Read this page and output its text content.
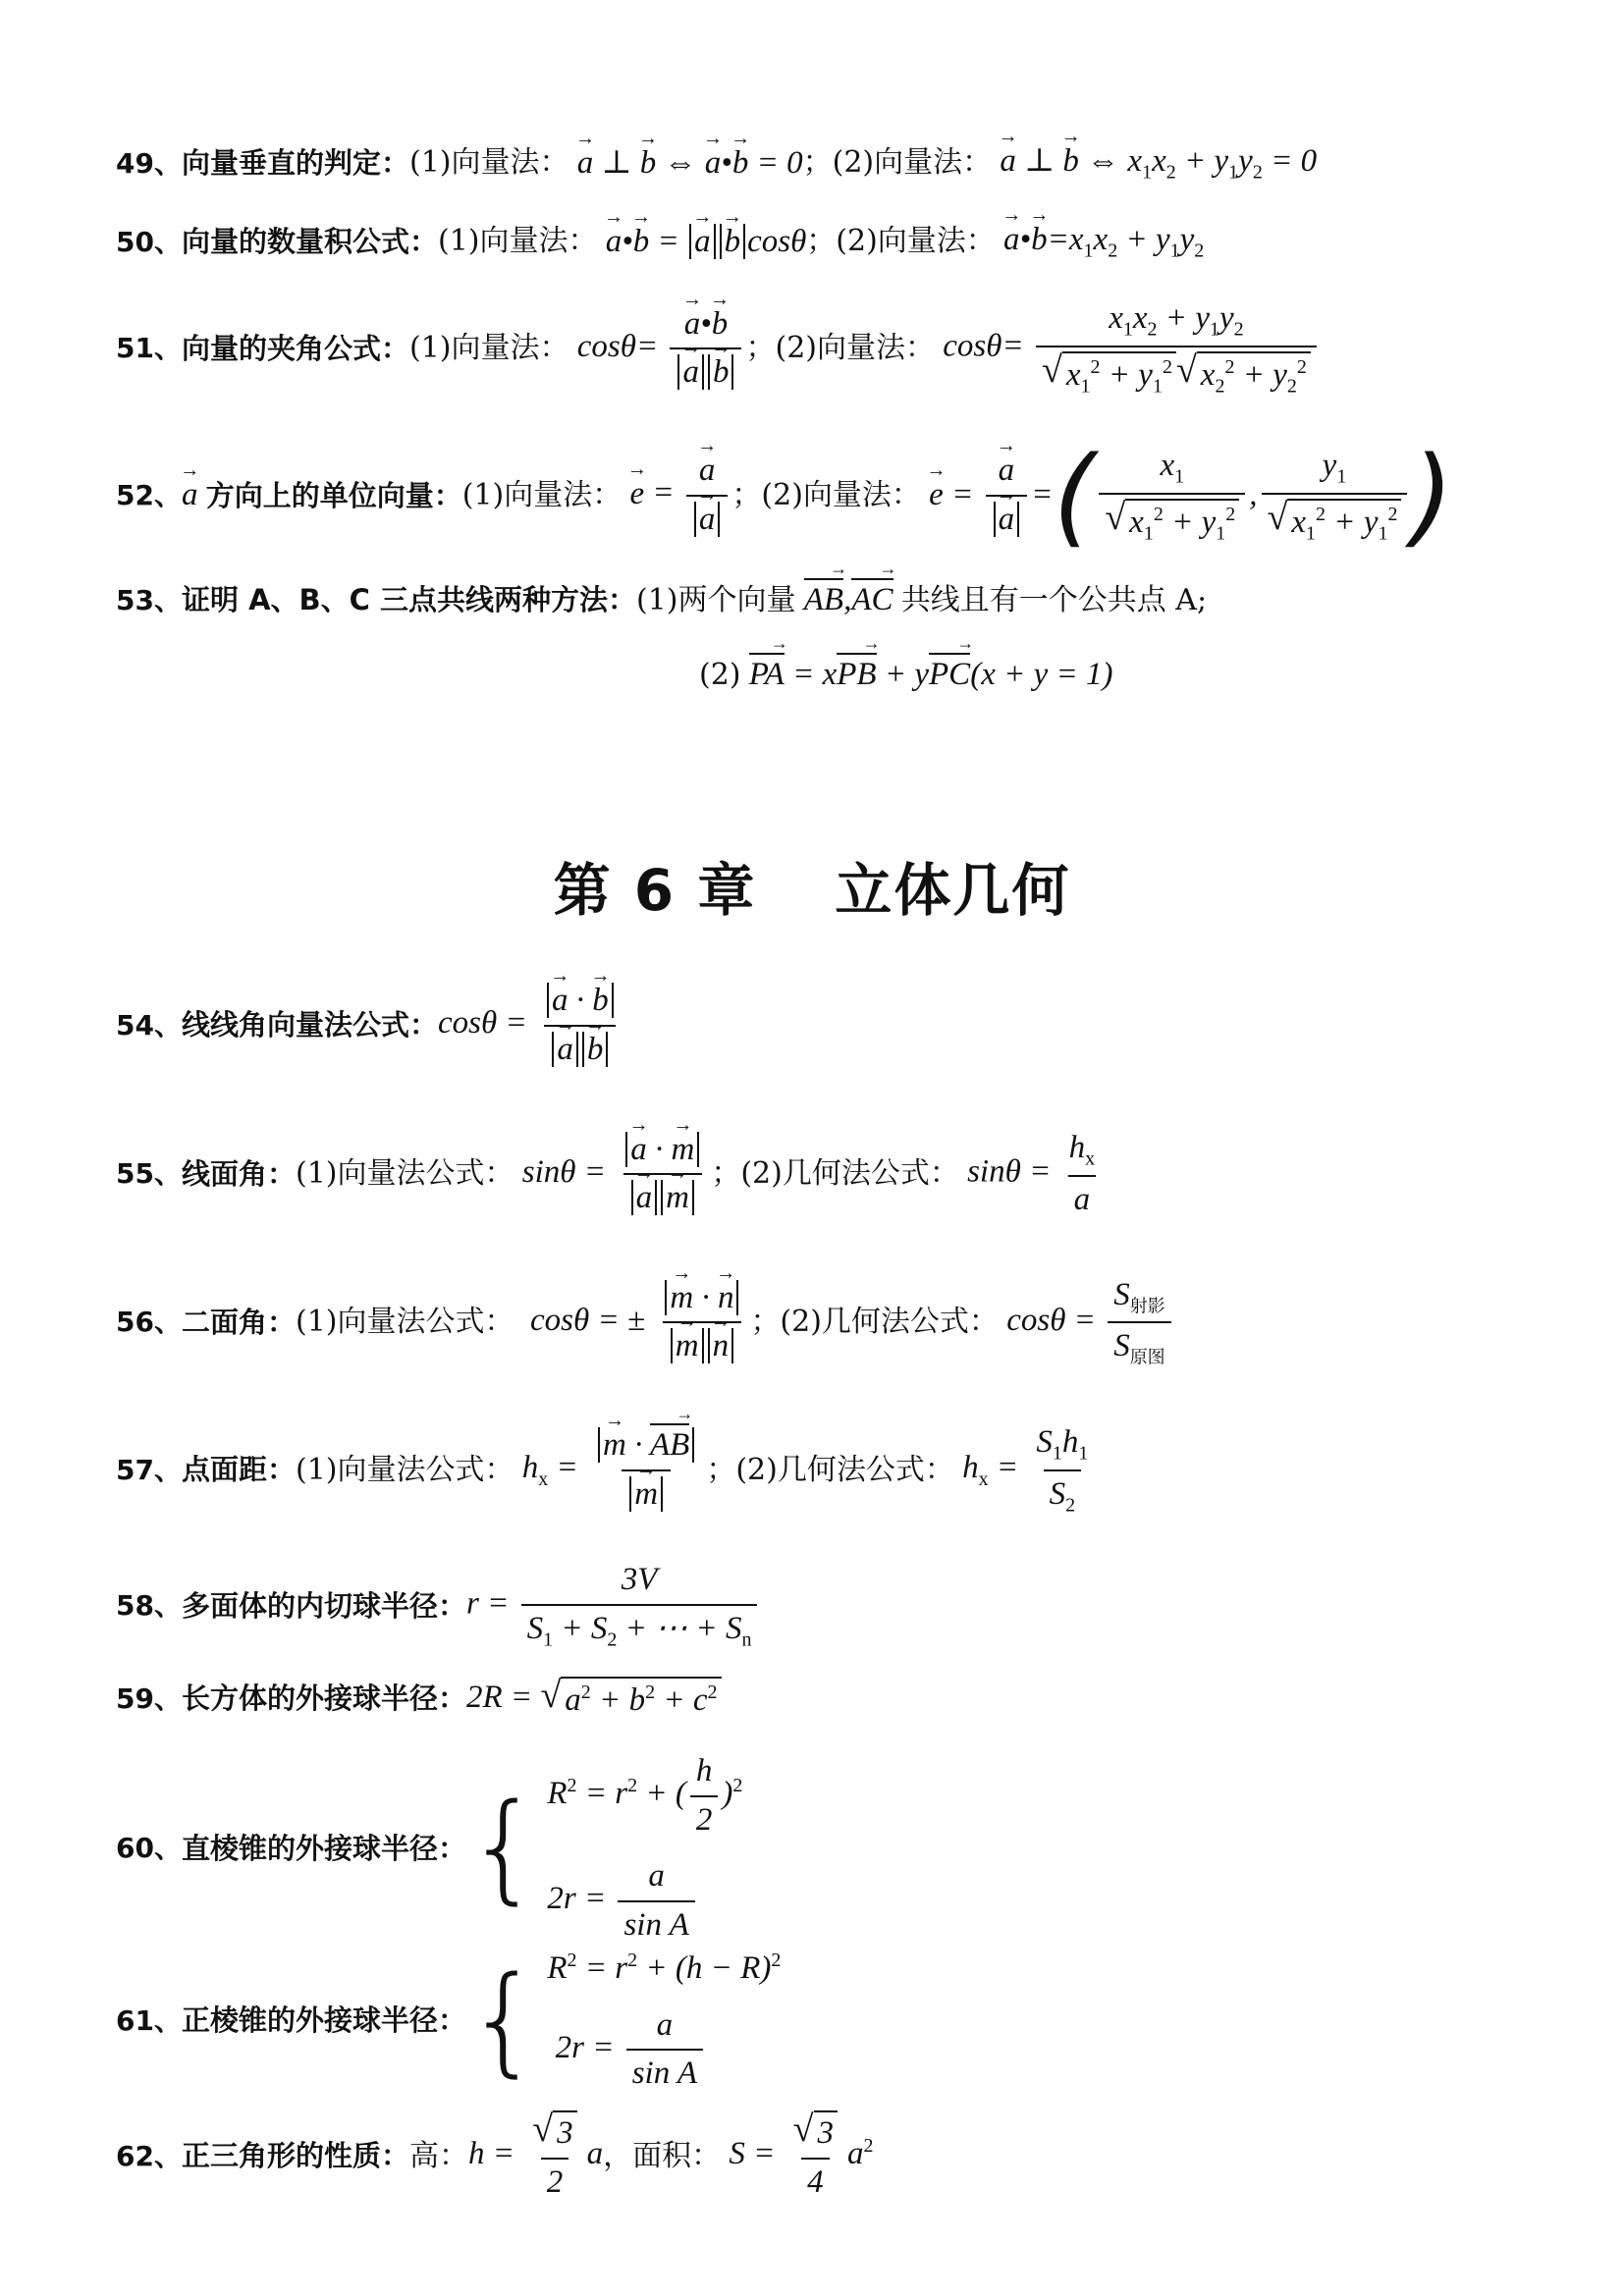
49、 向量垂直的判定： (1)向量法： → a ⊥ → b ⇔ → a•→ b = 0 ；(2)向量法： → a ⊥ → b ⇔ $x_1x_2 + y_1y_2 = 0$
50、 向量的数量积公式： (1)向量法： → a•→ b = → a → b cosθ ；(2)向量法： → a•→ $b=x_1x_2 + y_1y_2$
51、 向量的夹角公式： (1)向量法： cosθ= → a•→ b
→ a → b ；(2)向量法： $\cos\theta= \frac{x_1x_2 + y_1y_2}{√ x_1^2 + y_1^2 √ x_2^2 + y_2^2}$
52、 → a 方向上的单位向量： (1)向量法： → e = → a
→ a ；(2)向量法：
→ e = → a
→ a = ( $\frac{x_1}{√ x_1^2 + y_1^2}$ , $\frac{y_1}{√ x_1^2 + y_1^2}$ )
53、 证明 A、B、C 三点共线两种方法： (1)两个向量 AB →,AC → 共线且有一个公共点 A;
(2) PA → = xPB → + yPC →(x + y = 1)
第 6 章 立体几何
54、 线线角向量法公式： cosθ = → a · → b
→ a → b
55、 线面角： (1)向量法公式： sinθ = → a · → m
→ a → m ；(2)几何法公式： $\sin\theta = \frac{h_x}{a}$
56、 二面角： (1)向量法公式： cosθ = ± → m · → n
→ m → n ；(2)几何法公式： $\cos\theta = \frac{S_{射影}}{S_{原图}}$
57、 点面距： (1)向量法公式： $h_x$ = → m · AB →
→ m ；(2)几何法公式： $h_x = \frac{S_1h_1}{S_2}$
58、 多面体的内切球半径： $r = \frac{3V}{S_1 + S_2 + \cdots + S_n}$
59、 长方体的外接球半径： 2R = √ $a^2 + b^2 + c^2$
60、 直棱锥的外接球半径： { $R^2 = r^2$ + ( $\frac{h}{2} )^2$
$2r = \frac{a}{\text{sin A}}$
61、 正棱锥的外接球半径： { $R^2 = r^2 + (h - R)^2$
$2r = \frac{a}{\text{sin A}}$
62、 正三角形的性质： 高： $h = \frac{√ 3}{2}$ a ，面积： $S = \frac{√ 3}{4} a^2$
